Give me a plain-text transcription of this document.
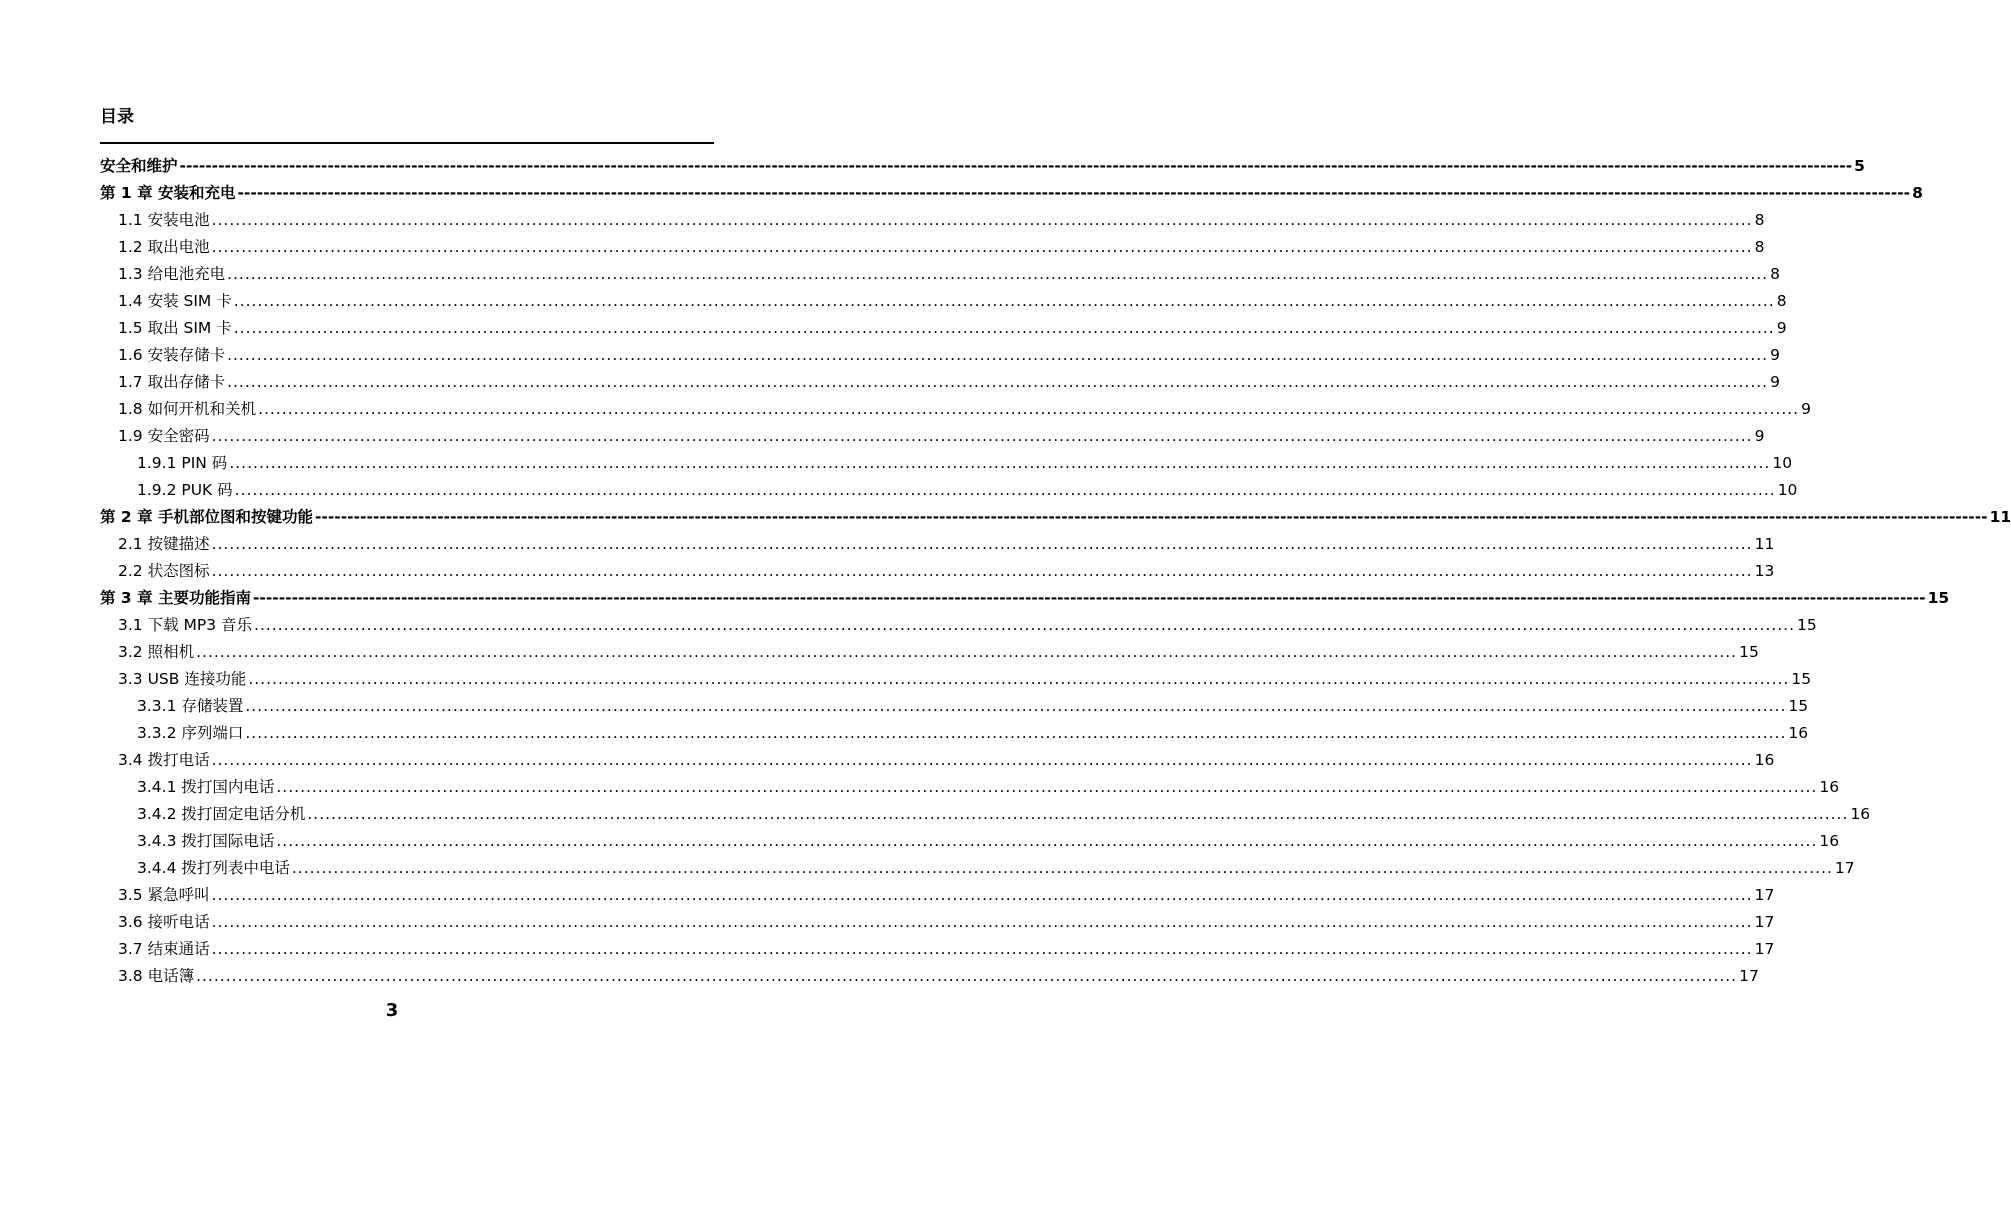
目录
安全和维护 -------------------------------------------------------------------------------------------------------------------------------------------------------------------------------------------------------------------------------------------------------------------- 5
第 1 章 安装和充电 -------------------------------------------------------------------------------------------------------------------------------------------------------------------------------------------------------------------------------------------------------------------- 8
1.1 安装电池 .................................................................................................................................................................................................................................................................... 8
1.2 取出电池 .................................................................................................................................................................................................................................................................... 8
1.3 给电池充电 .................................................................................................................................................................................................................................................................... 8
1.4 安装 SIM 卡 .................................................................................................................................................................................................................................................................... 8
1.5 取出 SIM 卡 .................................................................................................................................................................................................................................................................... 9
1.6 安装存储卡 .................................................................................................................................................................................................................................................................... 9
1.7 取出存储卡 .................................................................................................................................................................................................................................................................... 9
1.8 如何开机和关机 .................................................................................................................................................................................................................................................................... 9
1.9 安全密码 .................................................................................................................................................................................................................................................................... 9
1.9.1 PIN 码 .................................................................................................................................................................................................................................................................... 10
1.9.2 PUK 码 .................................................................................................................................................................................................................................................................... 10
第 2 章 手机部位图和按键功能 -------------------------------------------------------------------------------------------------------------------------------------------------------------------------------------------------------------------------------------------------------------------- 11
2.1 按键描述 .................................................................................................................................................................................................................................................................... 11
2.2 状态图标 .................................................................................................................................................................................................................................................................... 13
第 3 章 主要功能指南 -------------------------------------------------------------------------------------------------------------------------------------------------------------------------------------------------------------------------------------------------------------------- 15
3.1 下载 MP3 音乐 .................................................................................................................................................................................................................................................................... 15
3.2 照相机 .................................................................................................................................................................................................................................................................... 15
3.3 USB 连接功能 .................................................................................................................................................................................................................................................................... 15
3.3.1 存储装置 .................................................................................................................................................................................................................................................................... 15
3.3.2 序列端口 .................................................................................................................................................................................................................................................................... 16
3.4 拨打电话 .................................................................................................................................................................................................................................................................... 16
3.4.1 拨打国内电话 .................................................................................................................................................................................................................................................................... 16
3.4.2 拨打固定电话分机 .................................................................................................................................................................................................................................................................... 16
3.4.3 拨打国际电话 .................................................................................................................................................................................................................................................................... 16
3.4.4 拨打列表中电话 .................................................................................................................................................................................................................................................................... 17
3.5 紧急呼叫 .................................................................................................................................................................................................................................................................... 17
3.6 接听电话 .................................................................................................................................................................................................................................................................... 17
3.7 结束通话 .................................................................................................................................................................................................................................................................... 17
3.8 电话簿 .................................................................................................................................................................................................................................................................... 17
3
